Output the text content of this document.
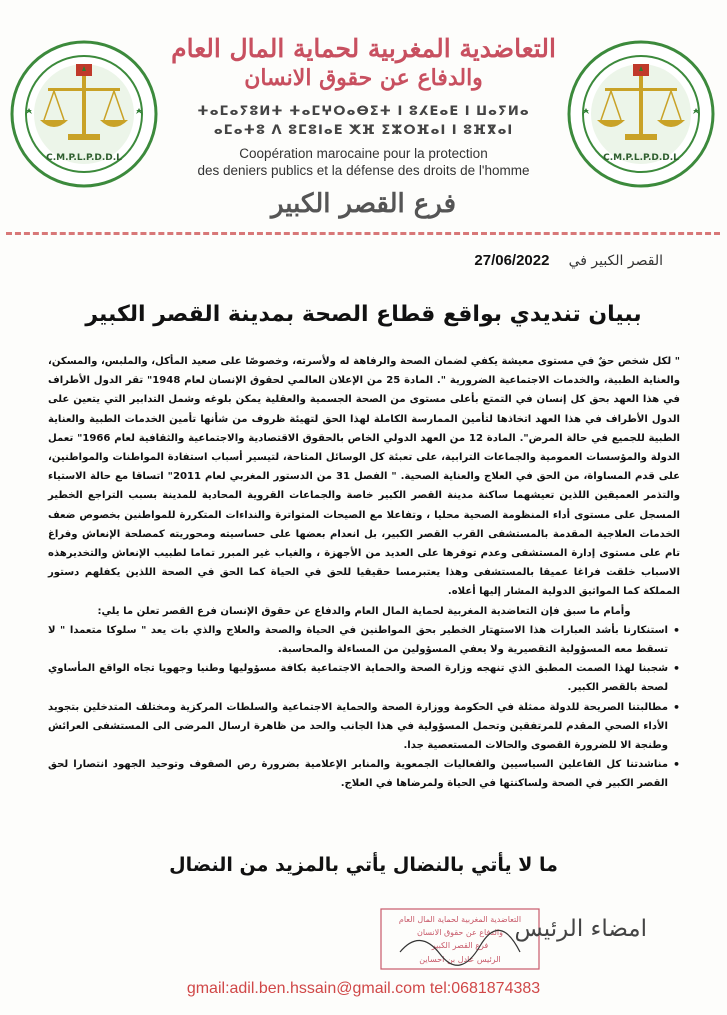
C.M.P.L.P.D.D.L	C.M.P.L.P.D.D.L
التعاضدية المغربية لحماية المال العام
والدفاع عن حقوق الانسان
ⵜⴰⵎⴰⵢⵓⵍⵜ ⵜⴰⵎⵖⵔⴰⴱⵉⵜ ⵏ ⵓⵃⴹⴰⴹ ⵏ ⵡⴰⵢⵍⴰ
ⴰⵎⴰⵜⵓ ⴷ ⵓⵎⵓⵏⴰⴹ ⵅⴼ ⵉⵣⵔⴼⴰⵏ ⵏ ⵓⴼⴳⴰⵏ
Coopération marocaine pour la protection
des deniers publics et la défense des droits de l'homme
فرع القصر الكبير
القصر الكبير في 27/06/2022
ببيان تنديدي بواقع قطاع الصحة بمدينة القصر الكبير

" لكل شخص حقٌ في مستوى معيشة يكفي لضمان الصحة والرفاهة له ولأسرته، وخصوصًا على صعيد المأكل، والملبس، والمسكن، والعناية الطبية، والخدمات الاجتماعية الضرورية ". المادة 25 من الإعلان العالمي لحقوق الإنسان لعام 1948" تقر الدول الأطراف في هذا العهد بحق كل إنسان في التمتع بأعلى مستوى من الصحة الجسمية والعقلية يمكن بلوغه وشمل التدابير التي يتعين على الدول الأطراف في هذا العهد اتخاذها لتأمين الممارسة الكاملة لهذا الحق لتهيئة ظروف من شأنها تأمين الخدمات الطبية والعناية الطبية للجميع في حالة المرض". المادة 12 من العهد الدولي الخاص بالحقوق الاقتصادية والاجتماعية والثقافية لعام 1966" تعمل الدولة والمؤسسات العمومية والجماعات الترابية، على تعبئة كل الوسائل المتاحة، لتيسير أسباب استفادة المواطنات والمواطنين، على قدم المساواة، من الحق في العلاج والعناية الصحية. " الفصل 31 من الدستور المغربي لعام 2011" اتساقا مع حالة الاستياء والتذمر العميقين اللذين تعيشهما ساكنة مدينة القصر الكبير خاصة والجماعات القروية المحادية للمدينة بسبب التراجع الخطير المسجل على مستوى أداء المنظومة الصحية محليا ، وتفاعلا مع الصيحات المتواترة والنداءات المتكررة للمواطنين بخصوص ضعف الخدمات العلاجية المقدمة بالمستشفى القرب القصر الكبير، بل انعدام بعضها على حساسيته ومحوريته كمصلحة الإنعاش وفراغ تام على مستوى إدارة المستشفى وعدم توفرها على العديد من الأجهزة ، والغياب غير المبرر تماما لطبيب الإنعاش والتخديرهذه الاسباب خلقت فراغا عميقا بالمستشفى وهذا يعتبرمسا حقيقيا للحق في الحياة كما الحق في الصحة اللذين يكفلهم دستور المملكة كما المواثيق الدولية المشار إليها أعلاه.

وأمام ما سبق فإن التعاضدية المغربية لحماية المال العام والدفاع عن حقوق الإنسان فرع القصر تعلن ما يلي:

• استنكارنا بأشد العبارات هذا الاستهتار الخطير بحق المواطنين في الحياة والصحة والعلاج والذي بات يعد " سلوكا متعمدا " لا تسقط معه المسؤولية التقصيرية ولا يعفي المسؤولين من المساءلة والمحاسبة.
• شجبنا لهذا الصمت المطبق الذي تنهجه وزارة الصحة والحماية الاجتماعية بكافة مسؤوليها وطنيا وجهويا تجاه الواقع المأساوي لصحة بالقصر الكبير.
• مطالبتنا الصريحة للدولة ممثلة في الحكومة ووزارة الصحة والحماية الاجتماعية والسلطات المركزية ومختلف المتدخلين بتجويد الأداء الصحي المقدم للمرتفقين وتحمل المسؤولية في هذا الجانب والحد من ظاهرة ارسال المرضى الى المستشفى العرائش وطنجة الا للضرورة القصوى والحالات المستعصية جدا.
• مناشدتنا كل الفاعلين السياسيين والفعاليات الجمعوية والمنابر الإعلامية بضرورة رص الصفوف وتوحيد الجهود انتصارا لحق القصر الكبير في الصحة ولساكنتها في الحياة ولمرضاها في العلاج.
ما لا يأتي بالنضال يأتي بالمزيد من النضال
التعاضدية المغربية لحماية المال العام
والدفاع عن حقوق الانسان
فرع القصر الكبير
الرئيس عادل بن احساين
امضاء الرئيس
gmail:adil.ben.hssain@gmail.com tel:0681874383
